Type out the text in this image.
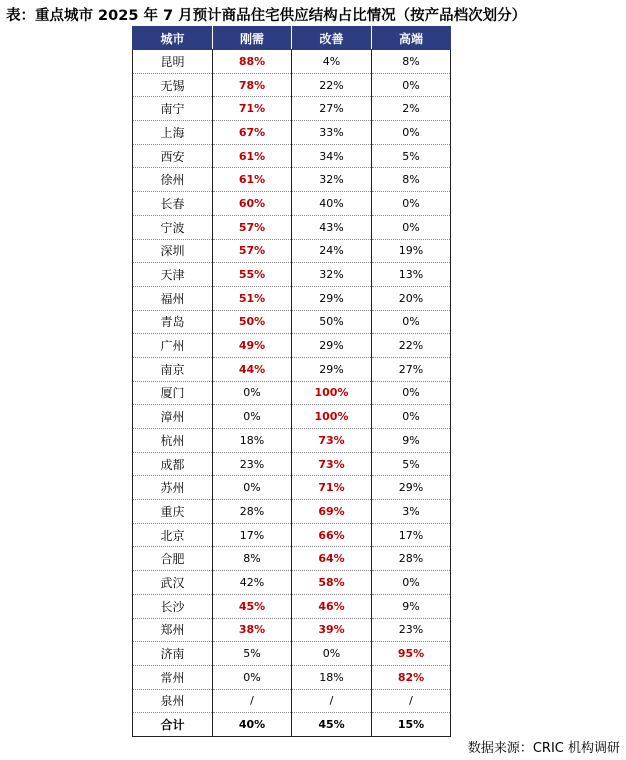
表：重点城市 2025 年 7 月预计商品住宅供应结构占比情况（按产品档次划分）
城市	刚需	改善	高端
昆明	88%	4%	8%
无锡	78%	22%	0%
南宁	71%	27%	2%
上海	67%	33%	0%
西安	61%	34%	5%
徐州	61%	32%	8%
长春	60%	40%	0%
宁波	57%	43%	0%
深圳	57%	24%	19%
天津	55%	32%	13%
福州	51%	29%	20%
青岛	50%	50%	0%
广州	49%	29%	22%
南京	44%	29%	27%
厦门	0%	100%	0%
漳州	0%	100%	0%
杭州	18%	73%	9%
成都	23%	73%	5%
苏州	0%	71%	29%
重庆	28%	69%	3%
北京	17%	66%	17%
合肥	8%	64%	28%
武汉	42%	58%	0%
长沙	45%	46%	9%
郑州	38%	39%	23%
济南	5%	0%	95%
常州	0%	18%	82%
泉州	/	/	/
合计	40%	45%	15%
数据来源：CRIC 机构调研
